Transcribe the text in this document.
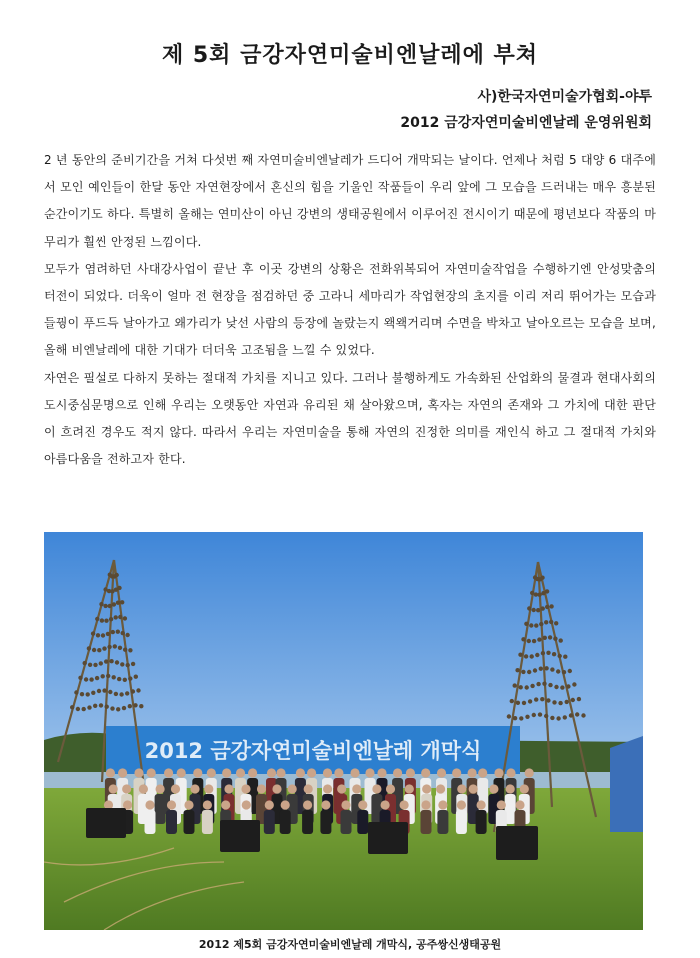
제 5회 금강자연미술비엔날레에 부쳐
사)한국자연미술가협회-야투
2012 금강자연미술비엔날레 운영위원회

2 년 동안의 준비기간을 거쳐 다섯번 째 자연미술비엔날레가 드디어 개막되는 날이다. 언제나 처럼 5 대양 6 대주에서 모인 예인들이 한달 동안 자연현장에서 혼신의 힘을 기울인 작품들이 우리 앞에 그 모습을 드러내는 매우 흥분된 순간이기도 하다. 특별히 올해는 연미산이 아닌 강변의 생태공원에서 이루어진 전시이기 때문에 평년보다 작품의 마무리가 훨씬 안정된 느낌이다.

모두가 염려하던 사대강사업이 끝난 후 이곳 강변의 상황은 전화위복되어 자연미술작업을 수행하기엔 안성맞춤의 터전이 되었다. 더욱이 얼마 전 현장을 점검하던 중 고라니 세마리가 작업현장의 초지를 이리 저리 뛰어가는 모습과 들꿩이 푸드득 날아가고 왜가리가 낮선 사람의 등장에 놀랐는지 왝왝거리며 수면을 박차고 날아오르는 모습을 보며, 올해 비엔날레에 대한 기대가 더더욱 고조됨을 느낄 수 있었다.

자연은 필설로 다하지 못하는 절대적 가치를 지니고 있다. 그러나 불행하게도 가속화된 산업화의 물결과 현대사회의 도시중심문명으로 인해 우리는 오랫동안 자연과 유리된 채 살아왔으며, 혹자는 자연의 존재와 그 가치에 대한 판단이 흐려진 경우도 적지 않다. 따라서 우리는 자연미술을 통해 자연의 진정한 의미를 재인식 하고 그 절대적 가치와 아름다움을 전하고자 한다.

2012 금강자연미술비엔날레 개막식
2012 제5회 금강자연미술비엔날레 개막식, 공주쌍신생태공원
